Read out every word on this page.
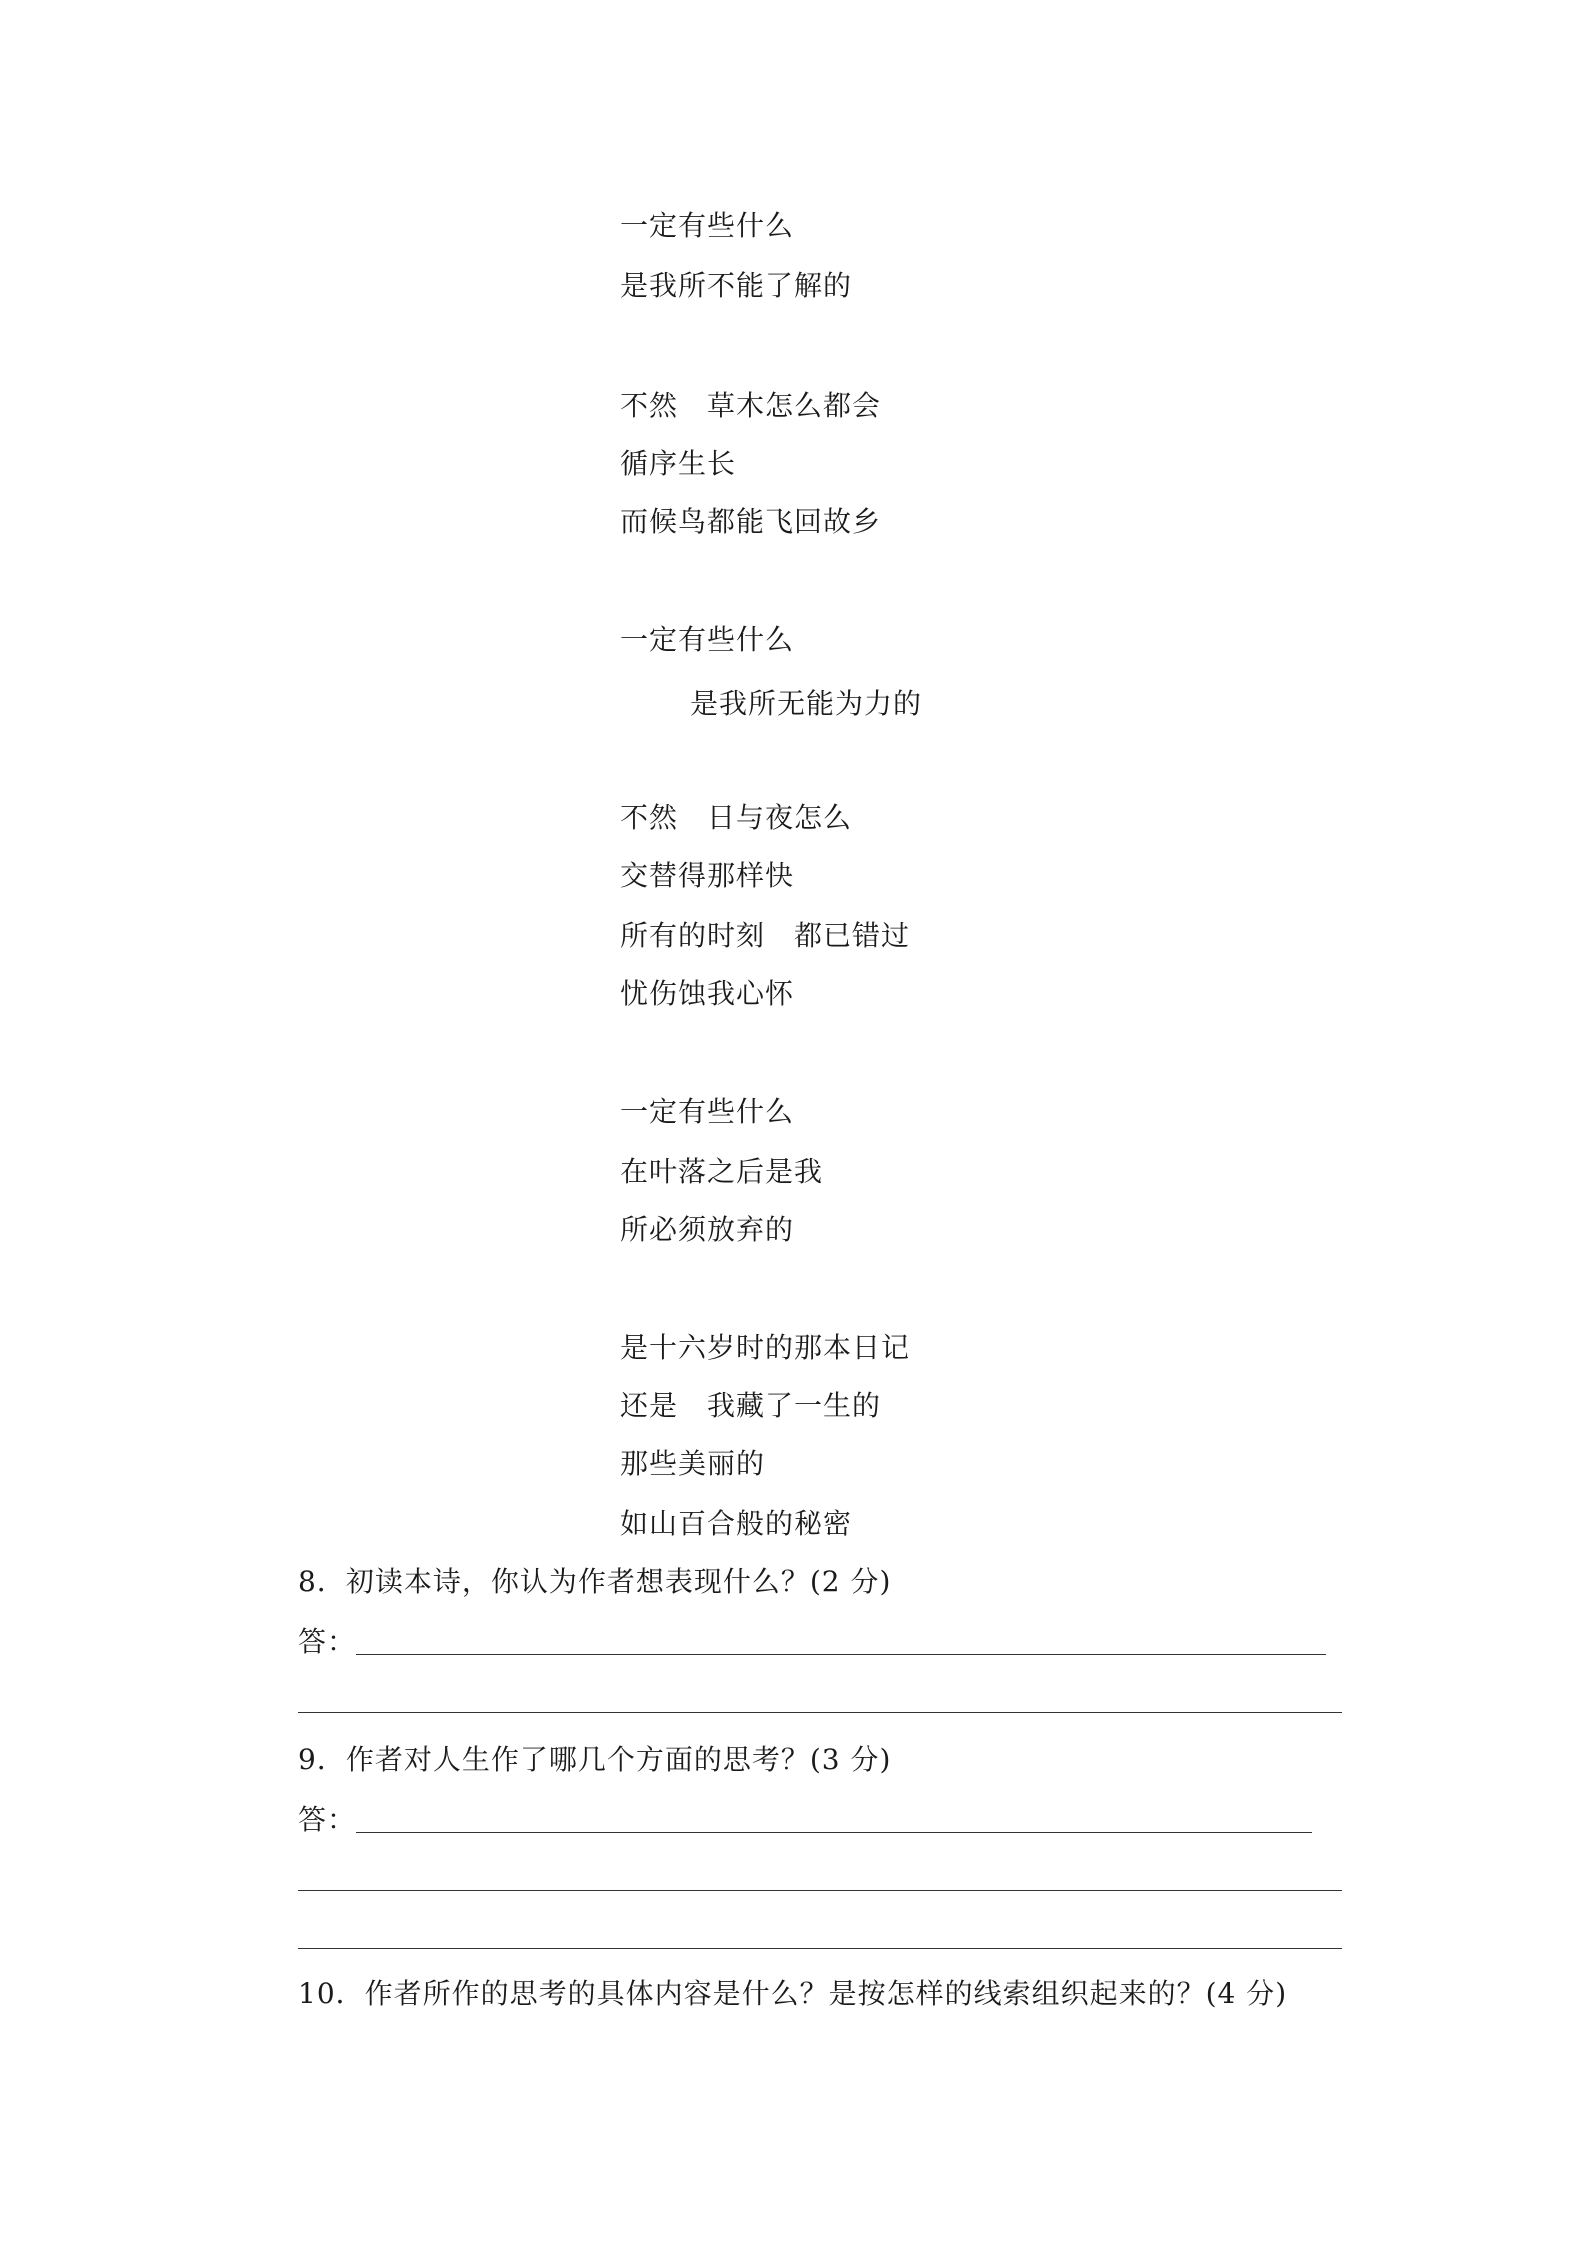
一定有些什么
是我所不能了解的
不然　草木怎么都会
循序生长
而候鸟都能飞回故乡
一定有些什么
是我所无能为力的
不然　日与夜怎么
交替得那样快
所有的时刻　都已错过
忧伤蚀我心怀
一定有些什么
在叶落之后是我
所必须放弃的
是十六岁时的那本日记
还是　我藏了一生的
那些美丽的
如山百合般的秘密
8．初读本诗，你认为作者想表现什么？(2 分)
答：
9．作者对人生作了哪几个方面的思考？(3 分)
答：
10．作者所作的思考的具体内容是什么？是按怎样的线索组织起来的？(4 分)
